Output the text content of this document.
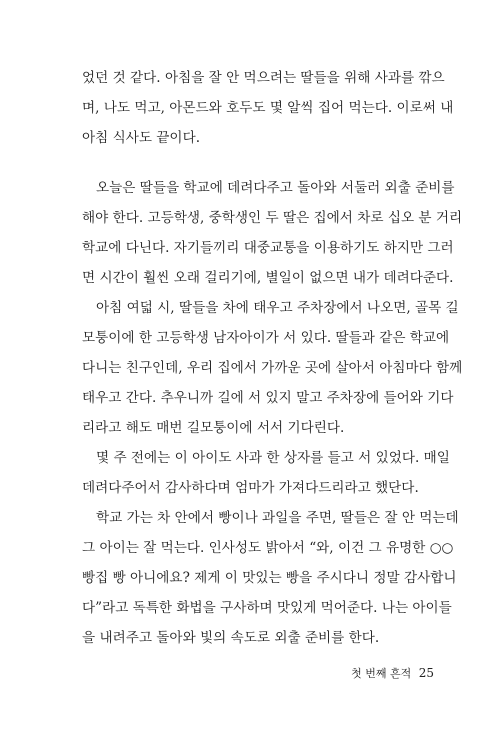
었던 것 같다. 아침을 잘 안 먹으려는 딸들을 위해 사과를 깎으
며, 나도 먹고, 아몬드와 호두도 몇 알씩 집어 먹는다. 이로써 내
아침 식사도 끝이다.
오늘은 딸들을 학교에 데려다주고 돌아와 서둘러 외출 준비를
해야 한다. 고등학생, 중학생인 두 딸은 집에서 차로 십오 분 거리
학교에 다닌다. 자기들끼리 대중교통을 이용하기도 하지만 그러
면 시간이 훨씬 오래 걸리기에, 별일이 없으면 내가 데려다준다.
아침 여덟 시, 딸들을 차에 태우고 주차장에서 나오면, 골목 길
모퉁이에 한 고등학생 남자아이가 서 있다. 딸들과 같은 학교에
다니는 친구인데, 우리 집에서 가까운 곳에 살아서 아침마다 함께
태우고 간다. 추우니까 길에 서 있지 말고 주차장에 들어와 기다
리라고 해도 매번 길모퉁이에 서서 기다린다.
몇 주 전에는 이 아이도 사과 한 상자를 들고 서 있었다. 매일
데려다주어서 감사하다며 엄마가 가져다드리라고 했단다.
학교 가는 차 안에서 빵이나 과일을 주면, 딸들은 잘 안 먹는데
그 아이는 잘 먹는다. 인사성도 밝아서 “와, 이건 그 유명한 ○○
빵집 빵 아니에요? 제게 이 맛있는 빵을 주시다니 정말 감사합니
다”라고 독특한 화법을 구사하며 맛있게 먹어준다. 나는 아이들
을 내려주고 돌아와 빛의 속도로 외출 준비를 한다.
첫 번째 흔적 25
